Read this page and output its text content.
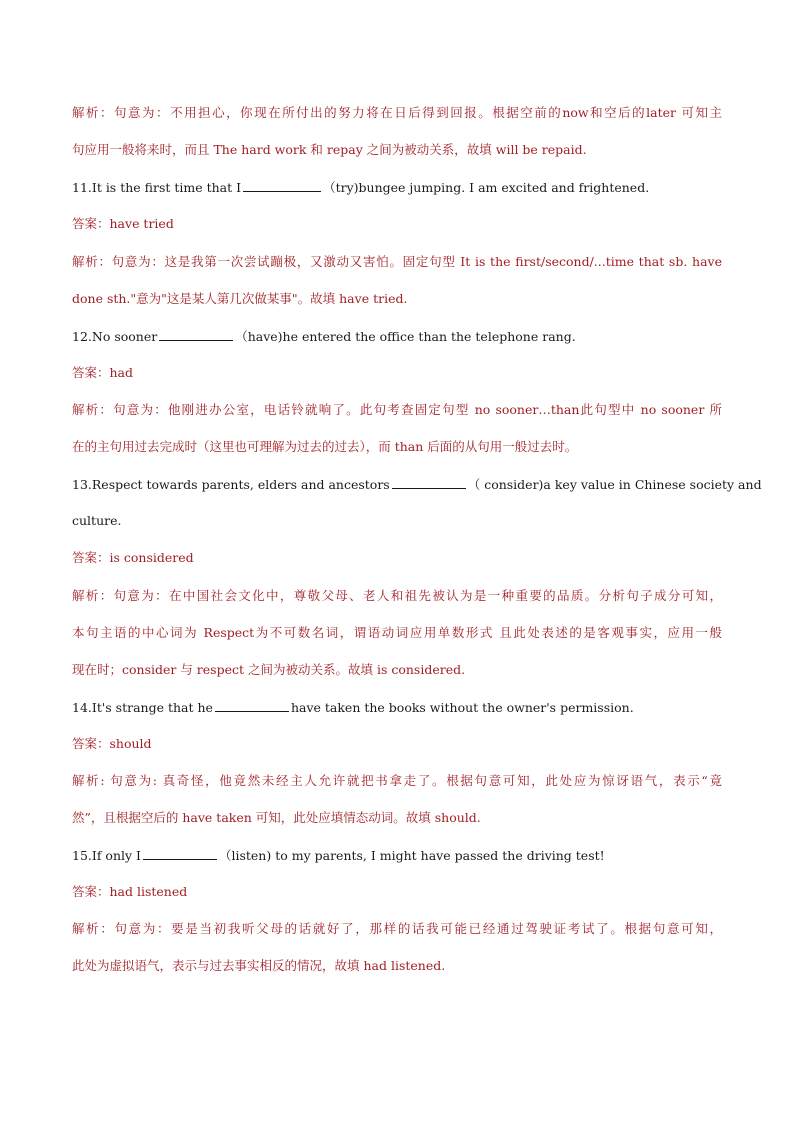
解析：句意为：不用担心，你现在所付出的努力将在日后得到回报。根据空前的now和空后的later 可知主
句应用一般将来时，而且 The hard work 和 repay 之间为被动关系，故填 will be repaid.
11.It is the first time that I	（try)bungee jumping. I am excited and frightened.
答案：have tried
解析：句意为：这是我第一次尝试蹦极，又激动又害怕。固定句型 It is the first/second/...time that sb. have
done sth."意为"这是某人第几次做某事"。故填 have tried.
12.No sooner	（have)he entered the office than the telephone rang.
答案：had
解析：句意为：他刚进办公室，电话铃就响了。此句考查固定句型 no sooner…than此句型中 no sooner 所
在的主句用过去完成时（这里也可理解为过去的过去），而 than 后面的从句用一般过去时。
13.Respect towards parents, elders and ancestors	（ consider)a key value in Chinese society and
culture.
答案：is considered
解析：句意为：在中国社会文化中，尊敬父母、老人和祖先被认为是一种重要的品质。分析句子成分可知，
本句主语的中心词为 Respect为不可数名词，谓语动词应用单数形式 且此处表述的是客观事实，应用一般
现在时；consider 与 respect 之间为被动关系。故填 is considered.
14.It's strange that he	have taken the books without the owner's permission.
答案：should
解析: 句意为: 真奇怪，他竟然未经主人允许就把书拿走了。根据句意可知，此处应为惊讶语气，表示“竟
然”，且根据空后的 have taken 可知，此处应填情态动词。故填 should.
15.If only I	（listen) to my parents, I might have passed the driving test!
答案：had listened
解析：句意为：要是当初我听父母的话就好了，那样的话我可能已经通过驾驶证考试了。根据句意可知，
此处为虚拟语气，表示与过去事实相反的情况，故填 had listened.
